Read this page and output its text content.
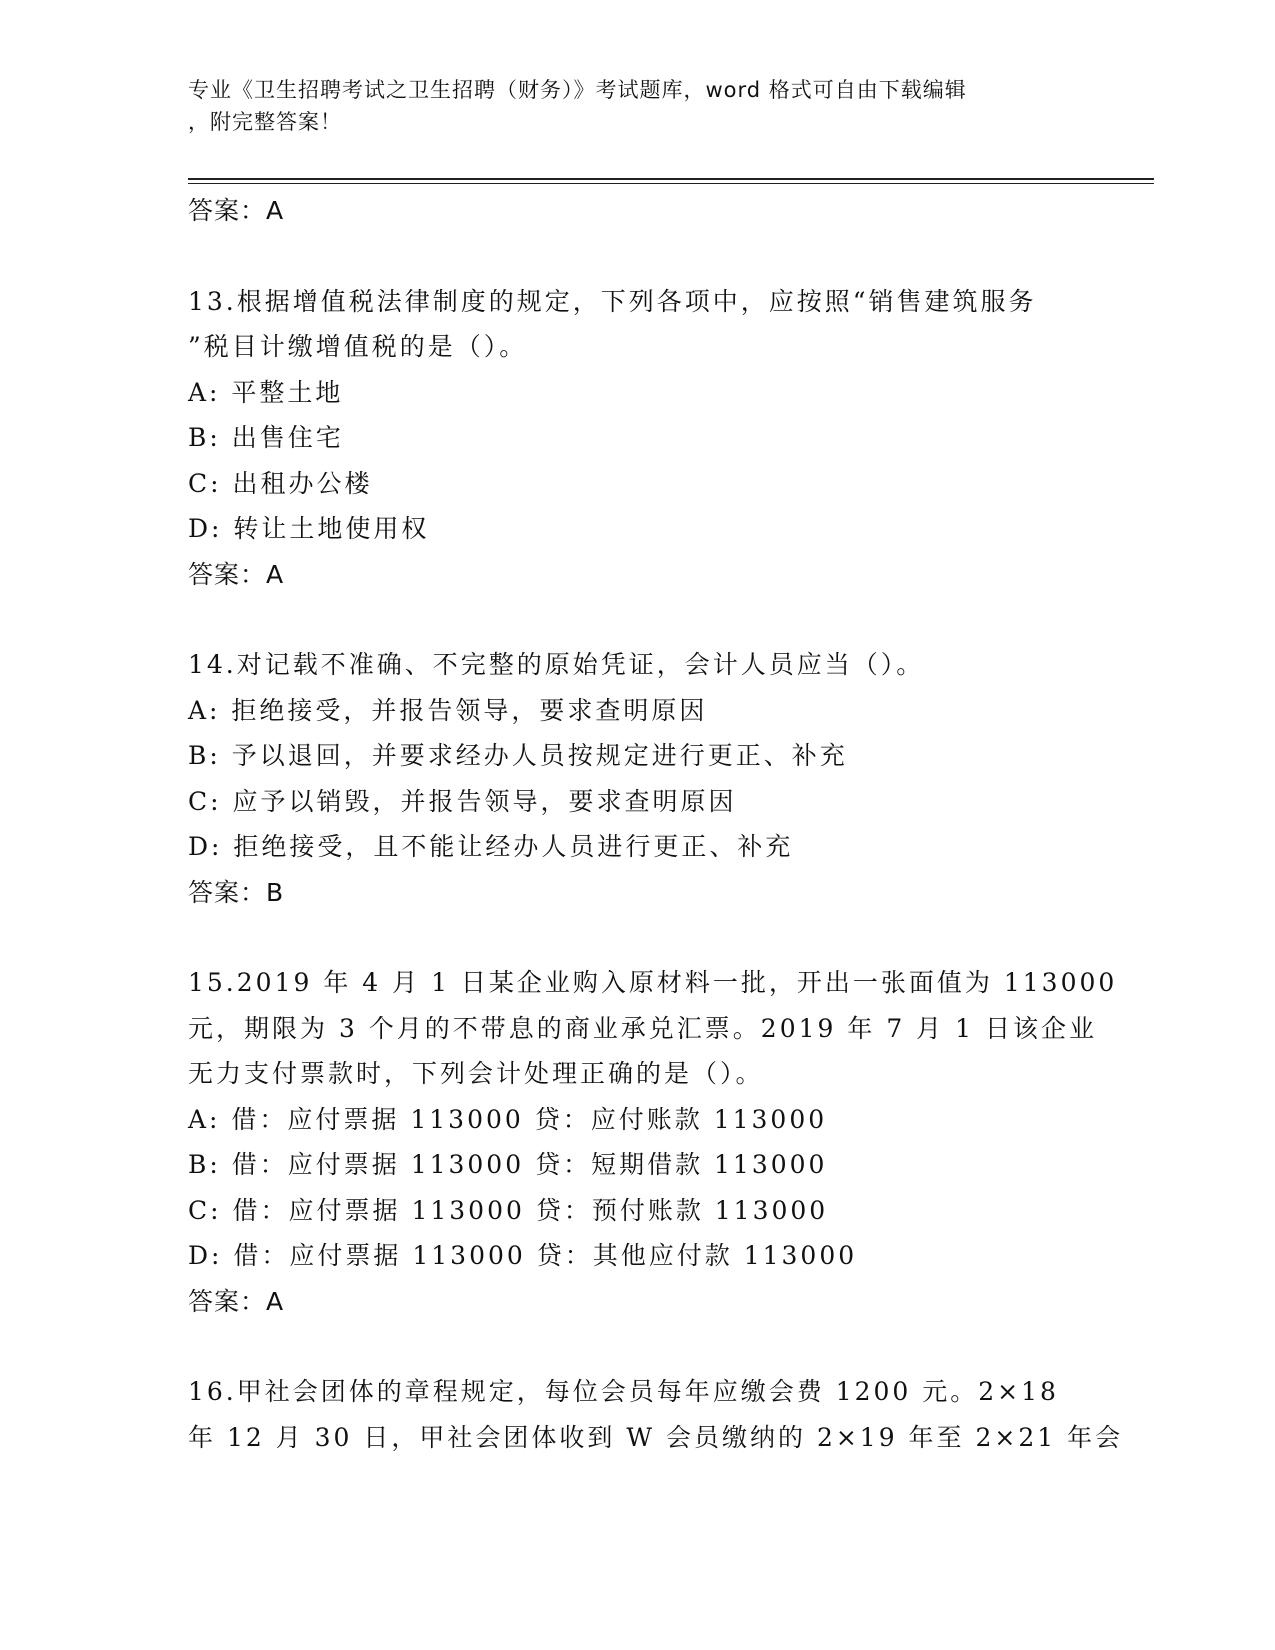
专业《卫生招聘考试之卫生招聘（财务）》考试题库，word 格式可自由下载编辑
，附完整答案！
答案：A
13.根据增值税法律制度的规定，下列各项中，应按照“销售建筑服务
”税目计缴增值税的是（）。
A: 平整土地
B: 出售住宅
C: 出租办公楼
D: 转让土地使用权
答案：A
14.对记载不准确、不完整的原始凭证，会计人员应当（）。
A: 拒绝接受，并报告领导，要求查明原因
B: 予以退回，并要求经办人员按规定进行更正、补充
C: 应予以销毁，并报告领导，要求查明原因
D: 拒绝接受，且不能让经办人员进行更正、补充
答案：B
15.2019 年 4 月 1 日某企业购入原材料一批，开出一张面值为 113000
元，期限为 3 个月的不带息的商业承兑汇票。2019 年 7 月 1 日该企业
无力支付票款时，下列会计处理正确的是（）。
A: 借：应付票据 113000 贷：应付账款 113000
B: 借：应付票据 113000 贷：短期借款 113000
C: 借：应付票据 113000 贷：预付账款 113000
D: 借：应付票据 113000 贷：其他应付款 113000
答案：A
16.甲社会团体的章程规定，每位会员每年应缴会费 1200 元。2×18
年 12 月 30 日，甲社会团体收到 W 会员缴纳的 2×19 年至 2×21 年会
